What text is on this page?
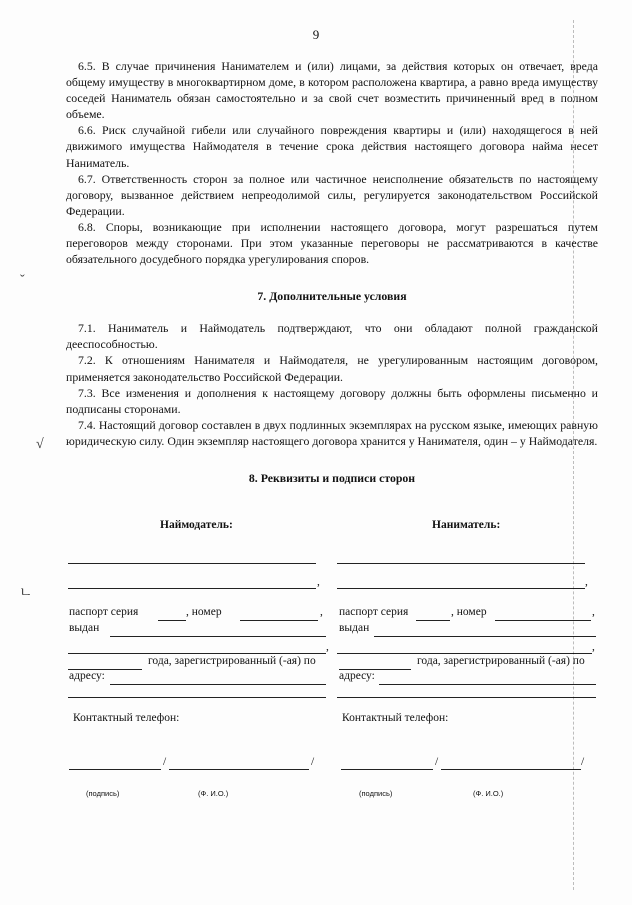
9

6.5. В случае причинения Нанимателем и (или) лицами, за действия которых он отвечает, вреда общему имуществу в многоквартирном доме, в котором расположена квартира, а равно вреда имуществу соседей Наниматель обязан самостоятельно и за свой счет возместить причиненный вред в полном объеме.

6.6. Риск случайной гибели или случайного повреждения квартиры и (или) находящегося в ней движимого имущества Наймодателя в течение срока действия настоящего договора найма несет Наниматель.

6.7. Ответственность сторон за полное или частичное неисполнение обязательств по настоящему договору, вызванное действием непреодолимой силы, регулируется законодательством Российской Федерации.

6.8. Споры, возникающие при исполнении настоящего договора, могут разрешаться путем переговоров между сторонами. При этом указанные переговоры не рассматриваются в качестве обязательного досудебного порядка урегулирования споров.

7. Дополнительные условия

7.1. Наниматель и Наймодатель подтверждают, что они обладают полной гражданской дееспособностью.

7.2. К отношениям Нанимателя и Наймодателя, не урегулированным настоящим договором, применяется законодательство Российской Федерации.

7.3. Все изменения и дополнения к настоящему договору должны быть оформлены письменно и подписаны сторонами.

7.4. Настоящий договор составлен в двух подлинных экземплярах на русском языке, имеющих равную юридическую силу. Один экземпляр настоящего договора хранится у Нанимателя, один – у Наймодателя.

8. Реквизиты и подписи сторон
Наймодатель:
,
паспорт серия	, номер	,
выдан
,
года, зарегистрированный (-ая) по
адресу:
Контактный телефон:
/	/
(подпись)	(Ф. И.О.)
Наниматель:
,
паспорт серия	, номер	,
выдан
,
года, зарегистрированный (-ая) по
адресу:
Контактный телефон:
/	/
(подпись)	(Ф. И.О.)
ˇ
√
ㄴ
